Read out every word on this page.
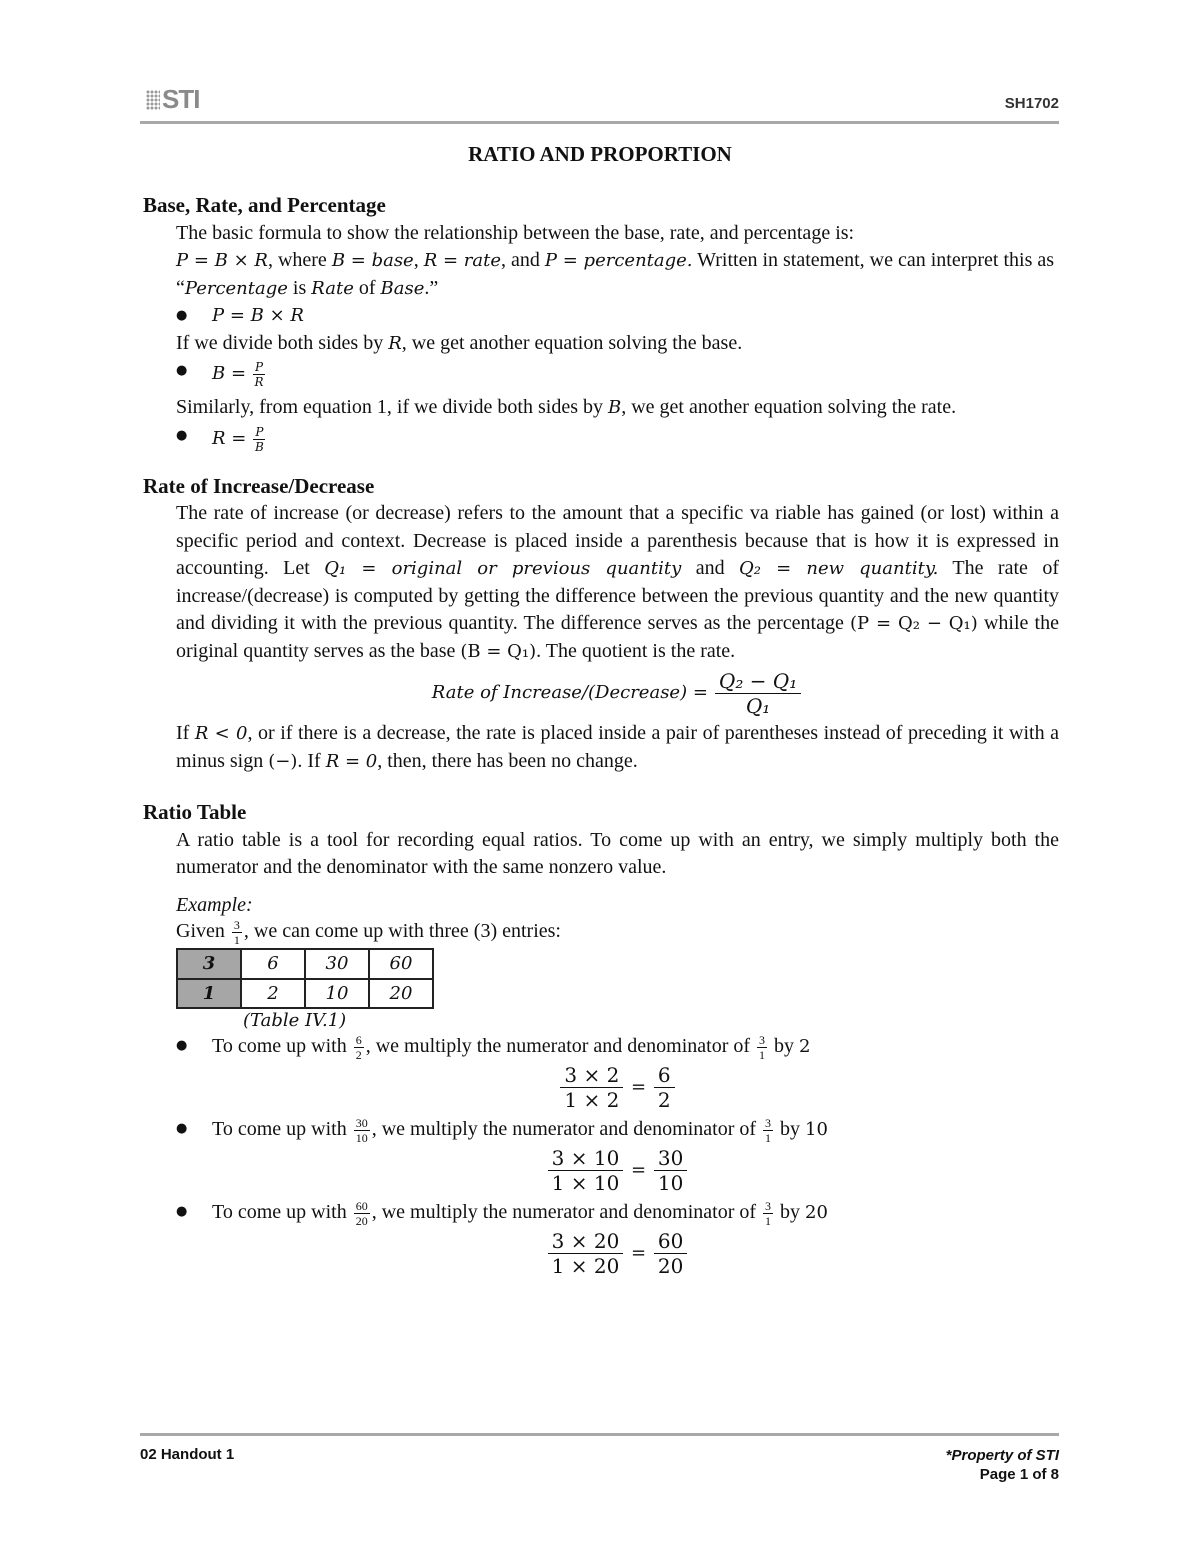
STI	SH1702
RATIO AND PROPORTION
Base, Rate, and Percentage
The basic formula to show the relationship between the base, rate, and percentage is:
P = B × R, where B = base, R = rate, and P = percentage. Written in statement, we can interpret this as “Percentage is Rate of Base.”
● P = B × R
If we divide both sides by R, we get another equation solving the base.
● $B = \frac{P}{R}$
Similarly, from equation 1, if we divide both sides by B, we get another equation solving the rate.
● $R = \frac{P}{B}$
Rate of Increase/Decrease
The rate of increase (or decrease) refers to the amount that a specific va riable has gained (or lost) within a specific period and context. Decrease is placed inside a parenthesis because that is how it is expressed in accounting. Let Q₁ = original or previous quantity and Q₂ = new quantity. The rate of increase/(decrease) is computed by getting the difference between the previous quantity and the new quantity and dividing it with the previous quantity. The difference serves as the percentage (P = Q₂ − Q₁) while the original quantity serves as the base (B = Q₁). The quotient is the rate.
Rate of Increase/(Decrease) = $\frac{\text{Q₂ − Q₁}}{\text{Q₁}}$
If R < 0, or if there is a decrease, the rate is placed inside a pair of parentheses instead of preceding it with a minus sign (−). If R = 0, then, there has been no change.
Ratio Table
A ratio table is a tool for recording equal ratios. To come up with an entry, we simply multiply both the numerator and the denominator with the same nonzero value.
Example:
Given $\frac{3}{1}$ , we can come up with three (3) entries:
3	6	30	60
1	2	10	20
(Table IV.1)
● To come up with $\frac{6}{2}$ , we multiply the numerator and denominator of $\frac{3}{1}$ by 2
$\frac{3 \times 2}{1 \times 2} = \frac{6}{2}$
● To come up with $\frac{30}{10}$ , we multiply the numerator and denominator of $\frac{3}{1}$ by 10
$\frac{3 \times 10}{1 \times 10} = \frac{30}{10}$
● To come up with $\frac{60}{20}$ , we multiply the numerator and denominator of $\frac{3}{1}$ by 20
$\frac{3 \times 20}{1 \times 20} = \frac{60}{20}$
02 Handout 1	*Property of STI
Page 1 of 8
